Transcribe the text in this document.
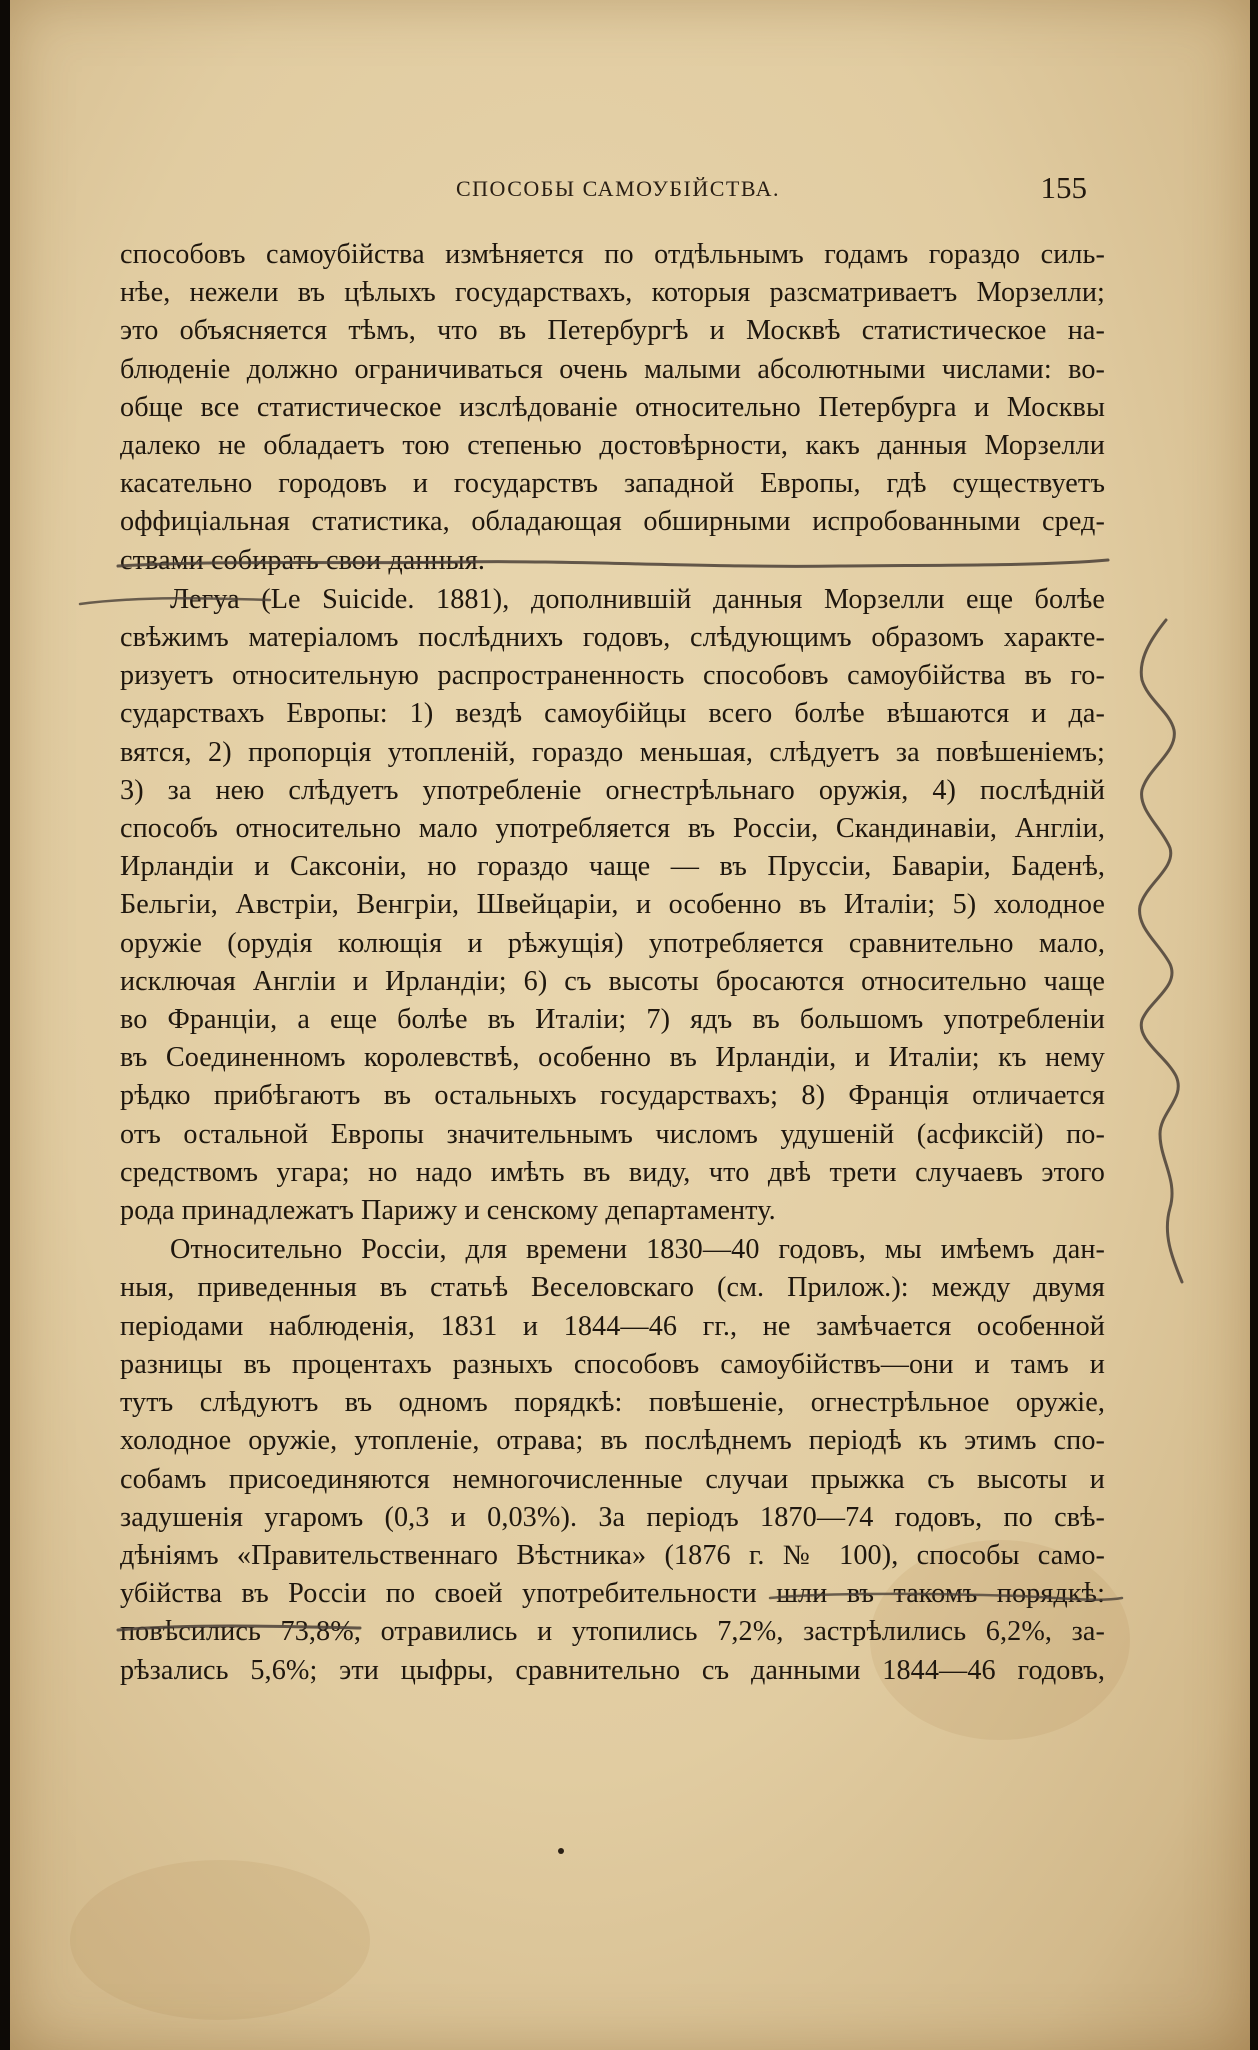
СПОСОБЫ САМОУБІЙСТВА.	155

способовъ самоубійства измѣняется по отдѣльнымъ годамъ гораздо силь-
нѣе, нежели въ цѣлыхъ государствахъ, которыя разсматриваетъ Морзелли;
это объясняется тѣмъ, что въ Петербургѣ и Москвѣ статистическое на-
блюденіе должно ограничиваться очень малыми абсолютными числами: во-
обще все статистическое изслѣдованіе относительно Петербурга и Москвы
далеко не обладаетъ тою степенью достовѣрности, какъ данныя Морзелли
касательно городовъ и государствъ западной Европы, гдѣ существуетъ
оффиціальная статистика, обладающая обширными испробованными сред-
ствами собирать свои данныя.

Легуа (Le Suicide. 1881), дополнившій данныя Морзелли еще болѣе
свѣжимъ матеріаломъ послѣднихъ годовъ, слѣдующимъ образомъ характе-
ризуетъ относительную распространенность способовъ самоубійства въ го-
сударствахъ Европы: 1) вездѣ самоубійцы всего болѣе вѣшаются и да-
вятся, 2) пропорція утопленій, гораздо меньшая, слѣдуетъ за повѣшеніемъ;
3) за нею слѣдуетъ употребленіе огнестрѣльнаго оружія, 4) послѣдній
способъ относительно мало употребляется въ Россіи, Скандинавіи, Англіи,
Ирландіи и Саксоніи, но гораздо чаще — въ Пруссіи, Баваріи, Баденѣ,
Бельгіи, Австріи, Венгріи, Швейцаріи, и особенно въ Италіи; 5) холодное
оружіе (орудія колющія и рѣжущія) употребляется сравнительно мало,
исключая Англіи и Ирландіи; 6) съ высоты бросаются относительно чаще
во Франціи, а еще болѣе въ Италіи; 7) ядъ въ большомъ употребленіи
въ Соединенномъ королевствѣ, особенно въ Ирландіи, и Италіи; къ нему
рѣдко прибѣгаютъ въ остальныхъ государствахъ; 8) Франція отличается
отъ остальной Европы значительнымъ числомъ удушеній (асфиксій) по-
средствомъ угара; но надо имѣть въ виду, что двѣ трети случаевъ этого
рода принадлежатъ Парижу и сенскому департаменту.

Относительно Россіи, для времени 1830—40 годовъ, мы имѣемъ дан-
ныя, приведенныя въ статьѣ Веселовскаго (см. Прилож.): между двумя
періодами наблюденія, 1831 и 1844—46 гг., не замѣчается особенной
разницы въ процентахъ разныхъ способовъ самоубійствъ—они и тамъ и
тутъ слѣдуютъ въ одномъ порядкѣ: повѣшеніе, огнестрѣльное оружіе,
холодное оружіе, утопленіе, отрава; въ послѣднемъ періодѣ къ этимъ спо-
собамъ присоединяются немногочисленные случаи прыжка съ высоты и
задушенія угаромъ (0,3 и 0,03%). За періодъ 1870—74 годовъ, по свѣ-
дѣніямъ «Правительственнаго Вѣстника» (1876 г. № 100), способы само-
убійства въ Россіи по своей употребительности шли въ такомъ порядкѣ:
повѣсились 73,8%, отравились и утопились 7,2%, застрѣлились 6,2%, за-
рѣзались 5,6%; эти цыфры, сравнительно съ данными 1844—46 годовъ,
